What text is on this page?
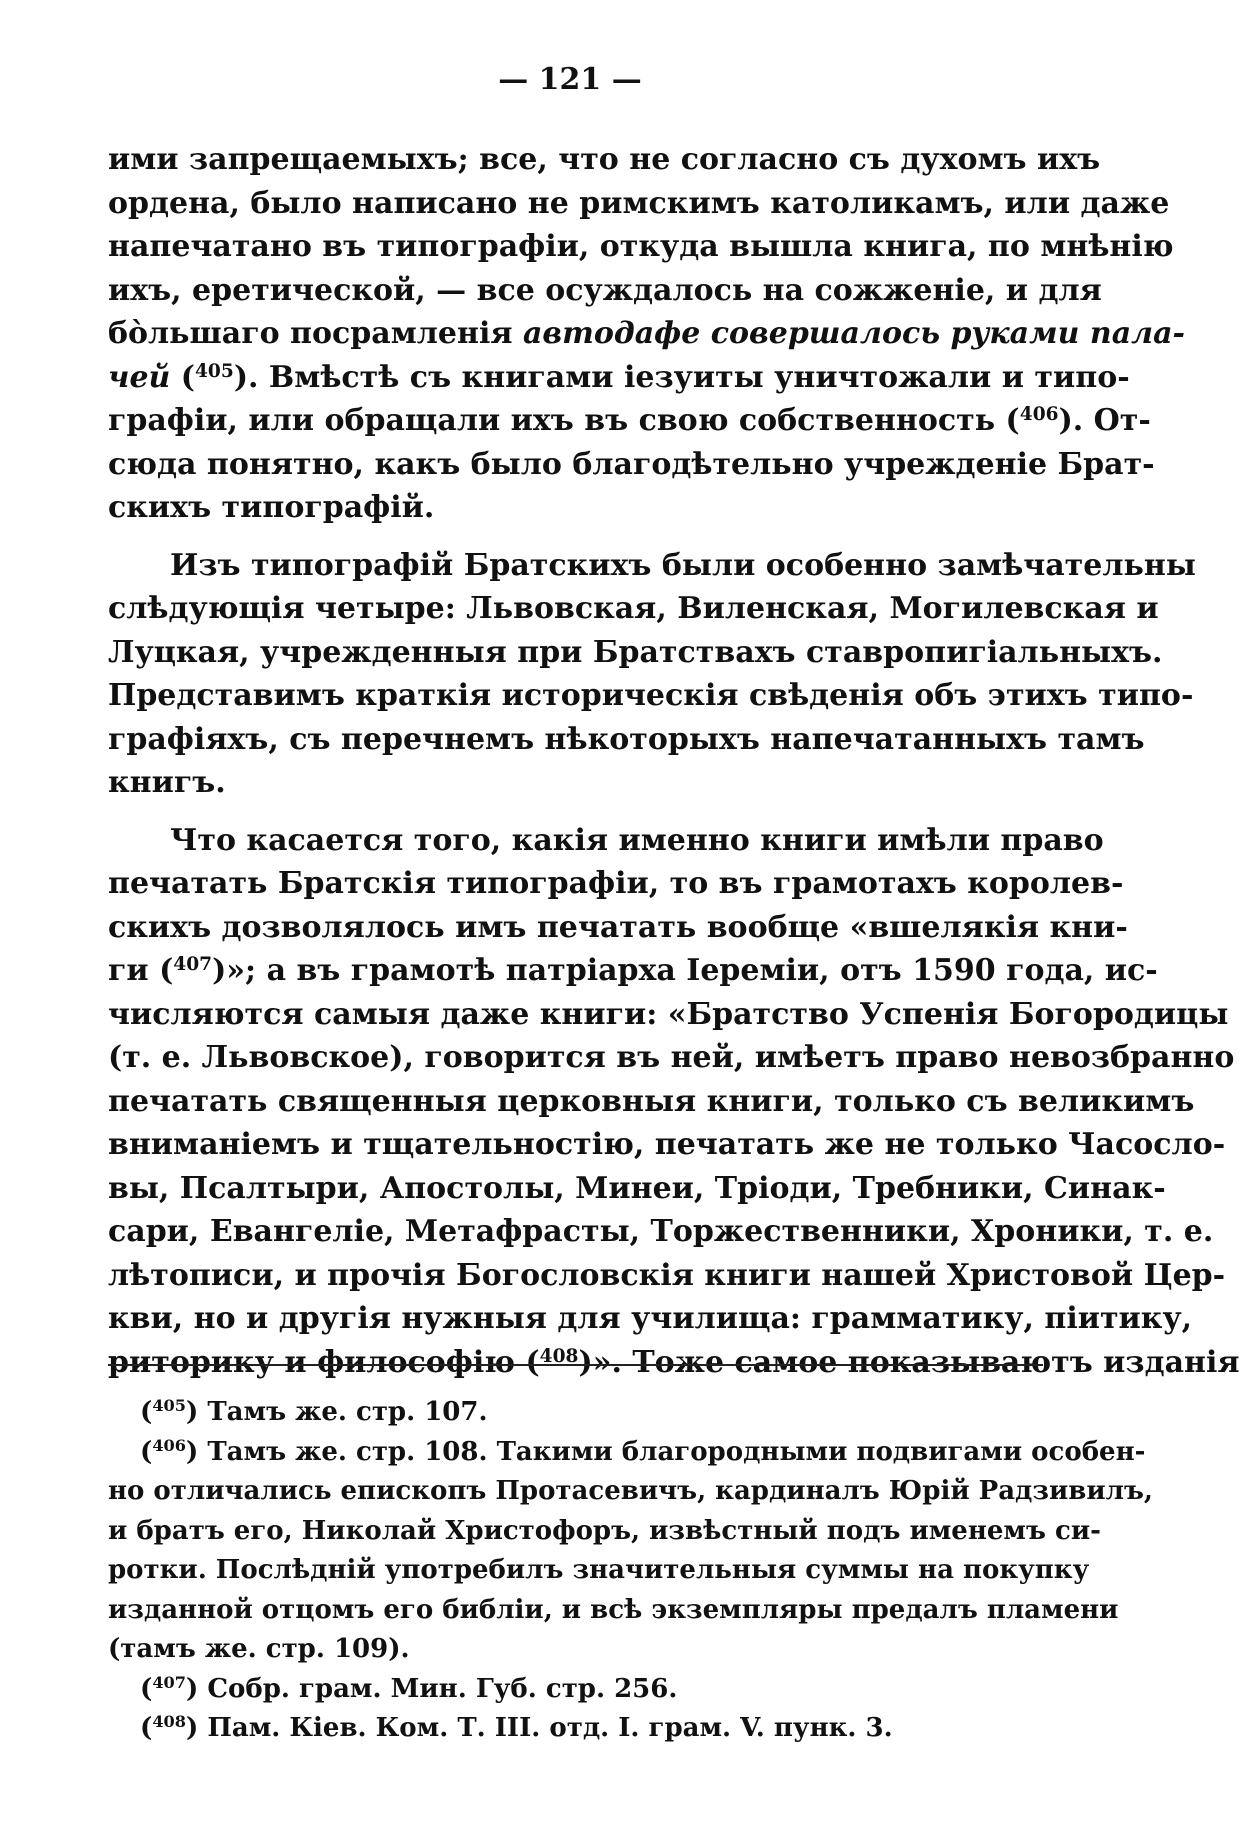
— 121 —
ими запрещаемыхъ; все, что не согласно съ духомъ ихъ
ордена, было написано не римскимъ католикамъ, или даже
напечатано въ типографіи, откуда вышла книга, по мнѣнію
ихъ, еретической, — все осуждалось на сожженіе, и для
бо̀льшаго посрамленія автодафе совершалось руками пала-
чей ($^{405}$). Вмѣстѣ съ книгами іезуиты уничтожали и типо-
графіи, или обращали ихъ въ свою собственность ($^{406}$). От-
сюда понятно, какъ было благодѣтельно учрежденіе Брат-
скихъ типографій.
Изъ типографій Братскихъ были особенно замѣчательны
слѣдующія четыре: Львовская, Виленская, Могилевская и
Луцкая, учрежденныя при Братствахъ ставропигіальныхъ.
Представимъ краткія историческія свѣденія объ этихъ типо-
графіяхъ, съ перечнемъ нѣкоторыхъ напечатанныхъ тамъ
книгъ.
Что касается того, какія именно книги имѣли право
печатать Братскія типографіи, то въ грамотахъ королев-
скихъ дозволялось имъ печатать вообще «вшелякія кни-
ги ($^{407}$)»; а въ грамотѣ патріарха Іереміи, отъ 1590 года, ис-
числяются самыя даже книги: «Братство Успенія Богородицы
(т. е. Львовское), говорится въ ней, имѣетъ право невозбранно
печатать священныя церковныя книги, только съ великимъ
вниманіемъ и тщательностію, печатать же не только Часосло-
вы, Псалтыри, Апостолы, Минеи, Тріоди, Требники, Синак-
сари, Евангеліе, Метафрасты, Торжественники, Хроники, т. е.
лѣтописи, и прочія Богословскія книги нашей Христовой Цер-
кви, но и другія нужныя для училища: грамматику, піитику,
риторику и философію ($^{408}$)». Тоже самое показываютъ изданія
($^{405}$) Тамъ же. стр. 107.
($^{406}$) Тамъ же. стр. 108. Такими благородными подвигами особен-
но отличались епископъ Протасевичъ, кардиналъ Юрій Радзивилъ,
и братъ его, Николай Христофоръ, извѣстный подъ именемъ си-
ротки. Послѣдній употребилъ значительныя суммы на покупку
изданной отцомъ его библіи, и всѣ экземпляры предалъ пламени
(тамъ же. стр. 109).
($^{407}$) Собр. грам. Мин. Губ. стр. 256.
($^{408}$) Пам. Кіев. Ком. Т. III. отд. I. грам. V. пунк. 3.
